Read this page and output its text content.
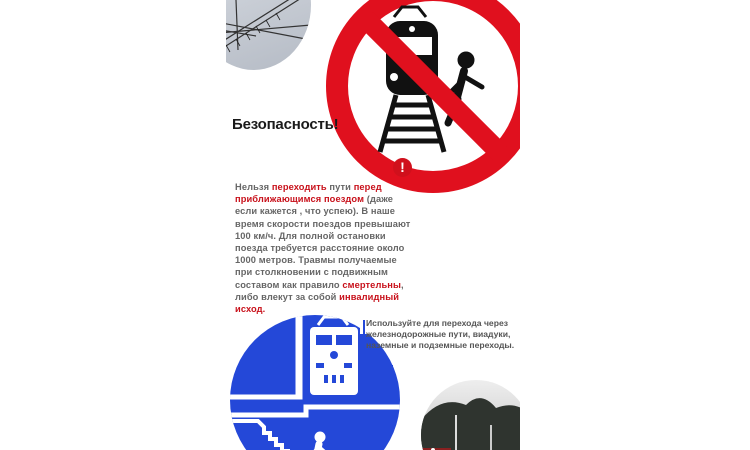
Безопасность!
!
Нельзя переходить пути перед приближающимся поездом (даже если кажется , что успею). В наше время скорости поездов превышают 100 км/ч. Для полной остановки поезда требуется расстояние около 1000 метров. Травмы получаемые при столкновении с подвижным составом как правило смертельны, либо влекут за собой инвалидный исход.
Используйте для перехода через железнодорожные пути, виадуки, наземные и подземные переходы.
